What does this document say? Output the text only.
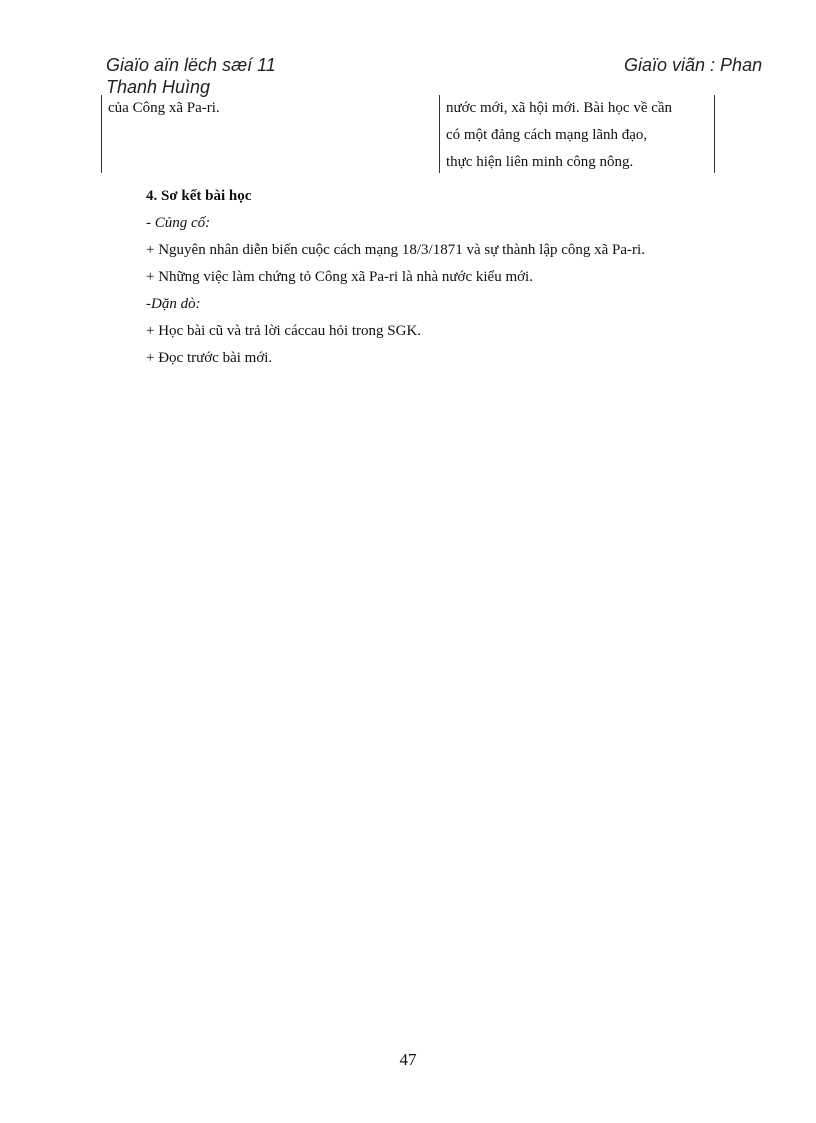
Giaïo aïn lëch sæí 11
Thanh Huìng
Giaïo viãn : Phan
của Công xã Pa-ri.	nước mới, xã hội mới. Bài học về cần
có một đảng cách mạng lãnh đạo,
thực hiện liên minh công nông.
4. Sơ kết bài học
- Củng cố:
+ Nguyên nhân diễn biến cuộc cách mạng 18/3/1871 và sự thành lập công xã Pa-ri.
+ Những việc làm chứng tỏ Công xã Pa-ri là nhà nước kiểu mới.
-Dặn dò:
+ Học bài cũ và trả lời cáccau hỏi trong SGK.
+ Đọc trước bài mới.
47
